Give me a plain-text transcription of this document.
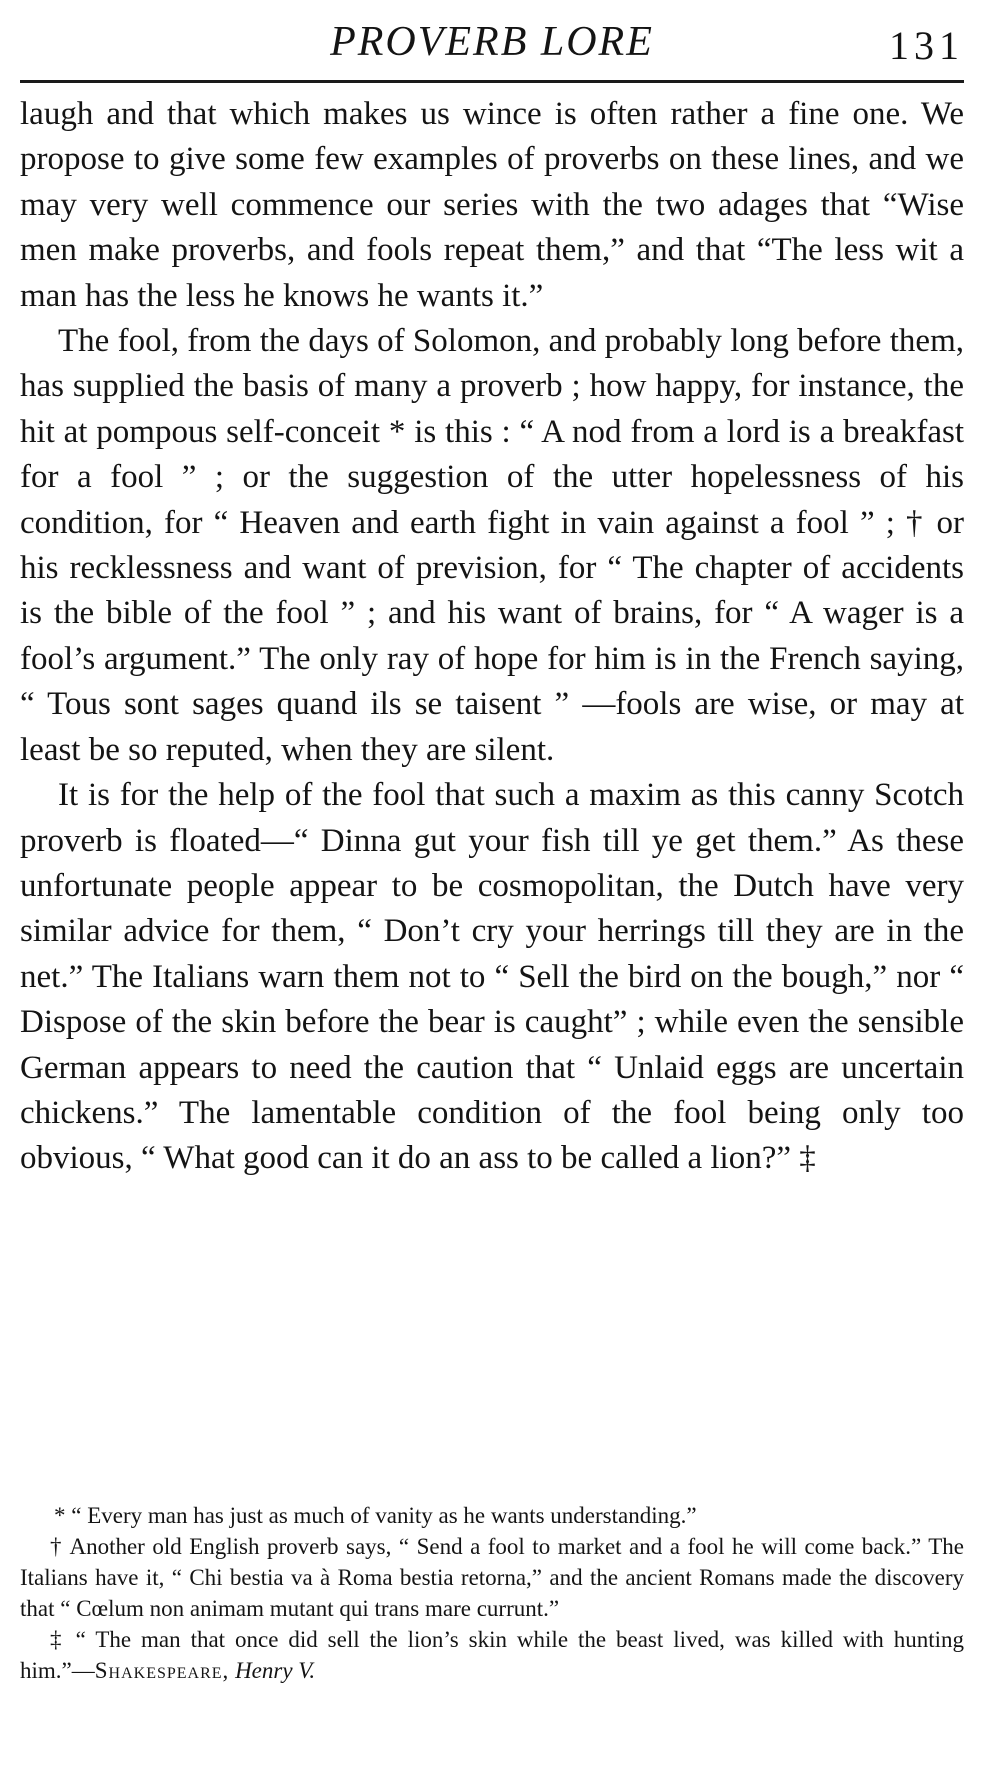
PROVERB LORE	131

laugh and that which makes us wince is often rather a fine one. We propose to give some few examples of proverbs on these lines, and we may very well commence our series with the two adages that “Wise men make proverbs, and fools repeat them,” and that “The less wit a man has the less he knows he wants it.”

The fool, from the days of Solomon, and probably long before them, has supplied the basis of many a proverb ; how happy, for instance, the hit at pompous self-conceit * is this : “ A nod from a lord is a breakfast for a fool ” ; or the suggestion of the utter hopelessness of his condition, for “ Heaven and earth fight in vain against a fool ” ; † or his recklessness and want of prevision, for “ The chapter of accidents is the bible of the fool ” ; and his want of brains, for “ A wager is a fool’s argument.” The only ray of hope for him is in the French saying, “ Tous sont sages quand ils se taisent ” —fools are wise, or may at least be so reputed, when they are silent.

It is for the help of the fool that such a maxim as this canny Scotch proverb is floated—“ Dinna gut your fish till ye get them.” As these unfortunate people appear to be cosmopolitan, the Dutch have very similar advice for them, “ Don’t cry your herrings till they are in the net.” The Italians warn them not to “ Sell the bird on the bough,” nor “ Dispose of the skin before the bear is caught” ; while even the sensible German appears to need the caution that “ Unlaid eggs are uncertain chickens.” The lamentable condition of the fool being only too obvious, “ What good can it do an ass to be called a lion?” ‡

* “ Every man has just as much of vanity as he wants understanding.”

† Another old English proverb says, “ Send a fool to market and a fool he will come back.” The Italians have it, “ Chi bestia va à Roma bestia retorna,” and the ancient Romans made the discovery that “ Cœlum non animam mutant qui trans mare currunt.”

‡ “ The man that once did sell the lion’s skin while the beast lived, was killed with hunting him.”—Shakespeare, Henry V.
